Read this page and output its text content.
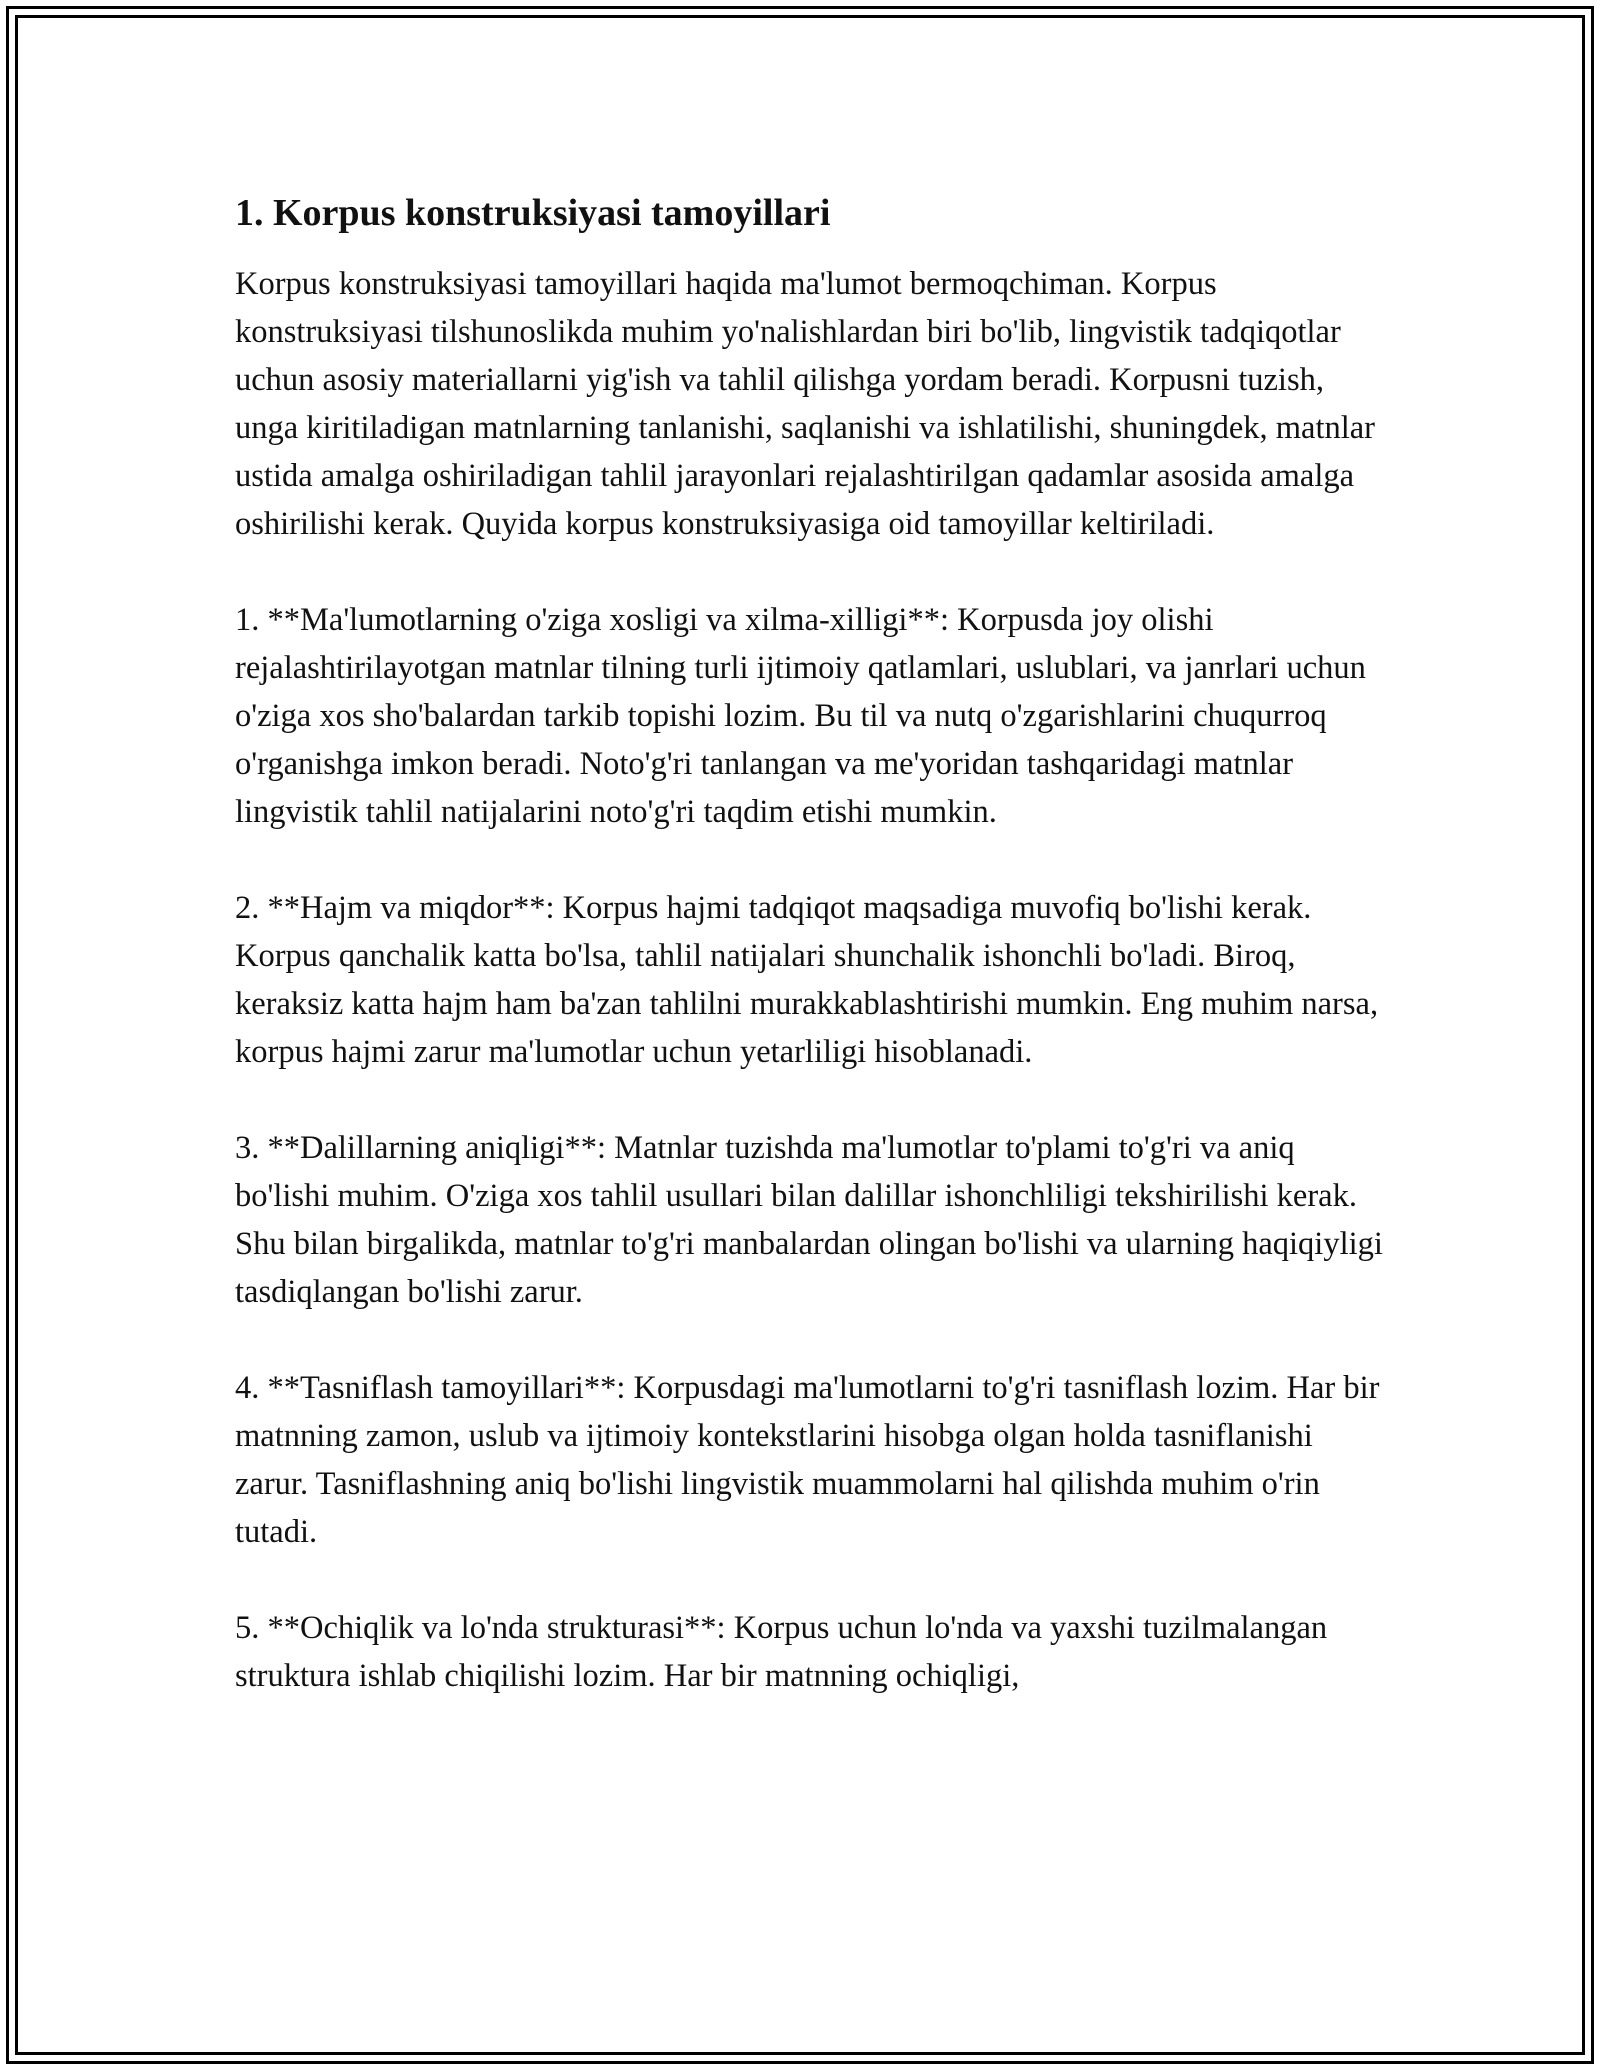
1. Korpus konstruksiyasi tamoyillari

Korpus konstruksiyasi tamoyillari haqida ma'lumot bermoqchiman. Korpus konstruksiyasi tilshunoslikda muhim yo'nalishlardan biri bo'lib, lingvistik tadqiqotlar uchun asosiy materiallarni yig'ish va tahlil qilishga yordam beradi. Korpusni tuzish, unga kiritiladigan matnlarning tanlanishi, saqlanishi va ishlatilishi, shuningdek, matnlar ustida amalga oshiriladigan tahlil jarayonlari rejalashtirilgan qadamlar asosida amalga oshirilishi kerak. Quyida korpus konstruksiyasiga oid tamoyillar keltiriladi.

1. **Ma'lumotlarning o'ziga xosligi va xilma-xilligi**: Korpusda joy olishi rejalashtirilayotgan matnlar tilning turli ijtimoiy qatlamlari, uslublari, va janrlari uchun o'ziga xos sho'balardan tarkib topishi lozim. Bu til va nutq o'zgarishlarini chuqurroq o'rganishga imkon beradi. Noto'g'ri tanlangan va me'yoridan tashqaridagi matnlar lingvistik tahlil natijalarini noto'g'ri taqdim etishi mumkin.

2. **Hajm va miqdor**: Korpus hajmi tadqiqot maqsadiga muvofiq bo'lishi kerak. Korpus qanchalik katta bo'lsa, tahlil natijalari shunchalik ishonchli bo'ladi. Biroq, keraksiz katta hajm ham ba'zan tahlilni murakkablashtirishi mumkin. Eng muhim narsa, korpus hajmi zarur ma'lumotlar uchun yetarliligi hisoblanadi.

3. **Dalillarning aniqligi**: Matnlar tuzishda ma'lumotlar to'plami to'g'ri va aniq bo'lishi muhim. O'ziga xos tahlil usullari bilan dalillar ishonchliligi tekshirilishi kerak. Shu bilan birgalikda, matnlar to'g'ri manbalardan olingan bo'lishi va ularning haqiqiyligi tasdiqlangan bo'lishi zarur.

4. **Tasniflash tamoyillari**: Korpusdagi ma'lumotlarni to'g'ri tasniflash lozim. Har bir matnning zamon, uslub va ijtimoiy kontekstlarini hisobga olgan holda tasniflanishi zarur. Tasniflashning aniq bo'lishi lingvistik muammolarni hal qilishda muhim o'rin tutadi.

5. **Ochiqlik va lo'nda strukturasi**: Korpus uchun lo'nda va yaxshi tuzilmalangan struktura ishlab chiqilishi lozim. Har bir matnning ochiqligi,
